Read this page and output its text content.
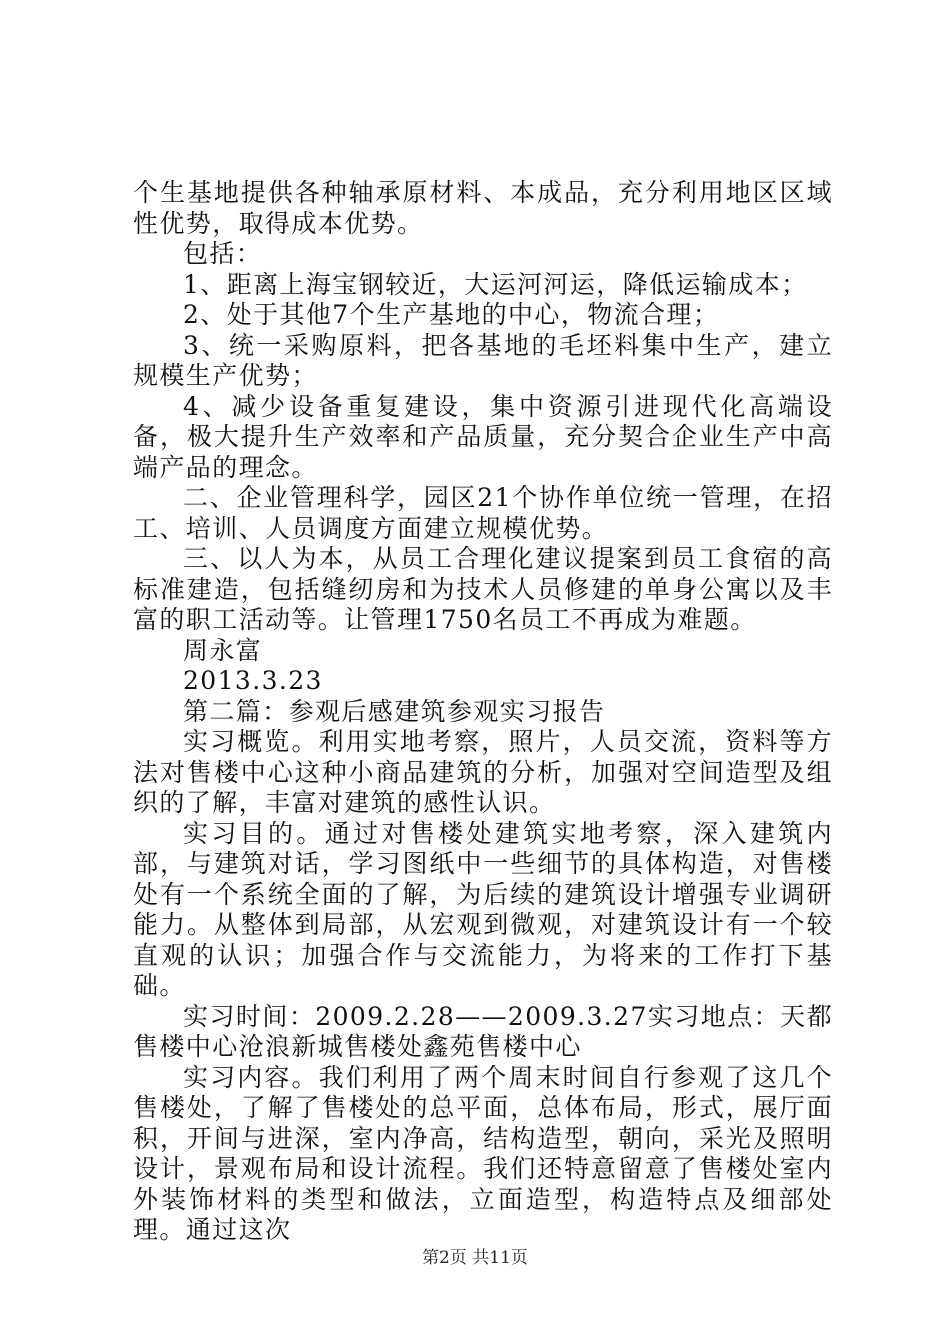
个生基地提供各种轴承原材料、本成品，充分利用地区区域性优势，取得成本优势。

包括：

1、距离上海宝钢较近，大运河河运，降低运输成本；

2、处于其他7个生产基地的中心，物流合理；

3、统一采购原料，把各基地的毛坯料集中生产，建立规模生产优势；

4、减少设备重复建设，集中资源引进现代化高端设备，极大提升生产效率和产品质量，充分契合企业生产中高端产品的理念。

二、企业管理科学，园区21个协作单位统一管理，在招工、培训、人员调度方面建立规模优势。

三、以人为本，从员工合理化建议提案到员工食宿的高标准建造，包括缝纫房和为技术人员修建的单身公寓以及丰富的职工活动等。让管理1750名员工不再成为难题。

周永富

2013.3.23

第二篇：参观后感建筑参观实习报告

实习概览。利用实地考察，照片，人员交流，资料等方法对售楼中心这种小商品建筑的分析，加强对空间造型及组织的了解，丰富对建筑的感性认识。

实习目的。通过对售楼处建筑实地考察，深入建筑内部，与建筑对话，学习图纸中一些细节的具体构造，对售楼处有一个系统全面的了解，为后续的建筑设计增强专业调研能力。从整体到局部，从宏观到微观，对建筑设计有一个较直观的认识；加强合作与交流能力，为将来的工作打下基础。

实习时间：2009.2.28——2009.3.27实习地点：天都售楼中心沧浪新城售楼处鑫苑售楼中心

实习内容。我们利用了两个周末时间自行参观了这几个售楼处，了解了售楼处的总平面，总体布局，形式，展厅面积，开间与进深，室内净高，结构造型，朝向，采光及照明设计，景观布局和设计流程。我们还特意留意了售楼处室内外装饰材料的类型和做法，立面造型，构造特点及细部处理。通过这次

第2页 共11页
